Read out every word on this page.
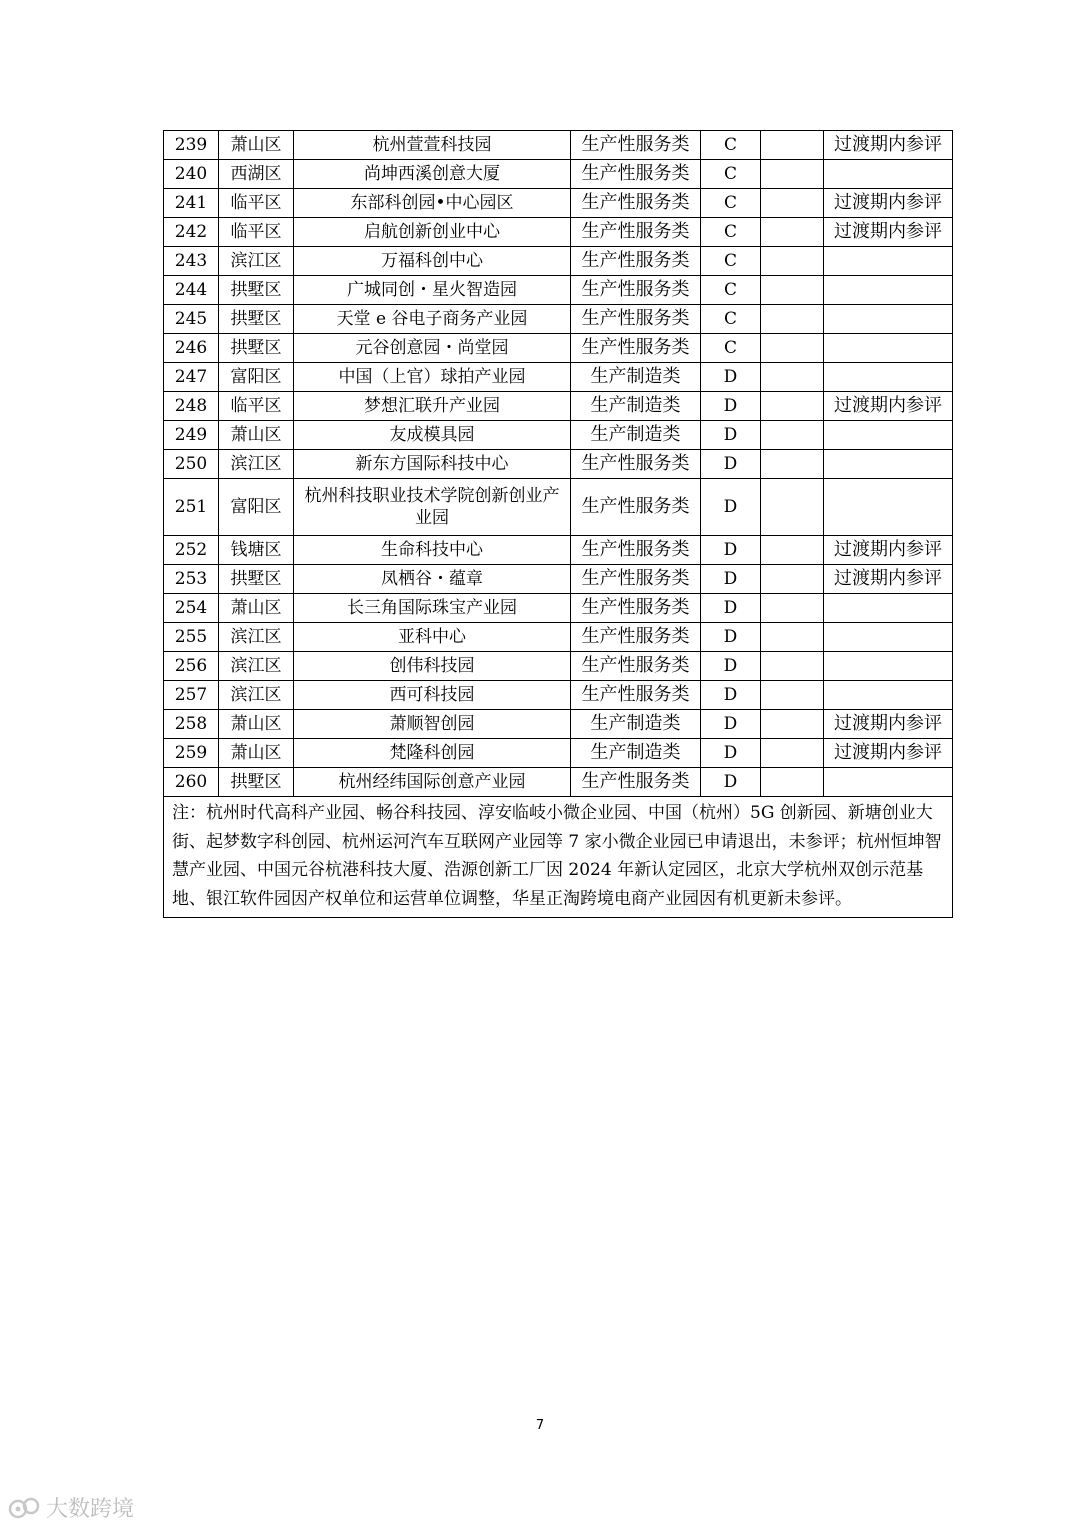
239	萧山区	杭州萱萱科技园	生产性服务类	C		过渡期内参评
240	西湖区	尚坤西溪创意大厦	生产性服务类	C		
241	临平区	东部科创园•中心园区	生产性服务类	C		过渡期内参评
242	临平区	启航创新创业中心	生产性服务类	C		过渡期内参评
243	滨江区	万福科创中心	生产性服务类	C		
244	拱墅区	广城同创・星火智造园	生产性服务类	C		
245	拱墅区	天堂 e 谷电子商务产业园	生产性服务类	C		
246	拱墅区	元谷创意园・尚堂园	生产性服务类	C		
247	富阳区	中国（上官）球拍产业园	生产制造类	D		
248	临平区	梦想汇联升产业园	生产制造类	D		过渡期内参评
249	萧山区	友成模具园	生产制造类	D		
250	滨江区	新东方国际科技中心	生产性服务类	D		
251	富阳区	杭州科技职业技术学院创新创业产业园	生产性服务类	D		
252	钱塘区	生命科技中心	生产性服务类	D		过渡期内参评
253	拱墅区	凤栖谷・蕴章	生产性服务类	D		过渡期内参评
254	萧山区	长三角国际珠宝产业园	生产性服务类	D		
255	滨江区	亚科中心	生产性服务类	D		
256	滨江区	创伟科技园	生产性服务类	D		
257	滨江区	西可科技园	生产性服务类	D		
258	萧山区	萧顺智创园	生产制造类	D		过渡期内参评
259	萧山区	梵隆科创园	生产制造类	D		过渡期内参评
260	拱墅区	杭州经纬国际创意产业园	生产性服务类	D		
注：杭州时代高科产业园、畅谷科技园、淳安临岐小微企业园、中国（杭州）5G 创新园、新塘创业大街、起梦数字科创园、杭州运河汽车互联网产业园等 7 家小微企业园已申请退出，未参评；杭州恒坤智慧产业园、中国元谷杭港科技大厦、浩源创新工厂因 2024 年新认定园区，北京大学杭州双创示范基地、银江软件园因产权单位和运营单位调整，华星正淘跨境电商产业园因有机更新未参评。						
7
大数跨境
